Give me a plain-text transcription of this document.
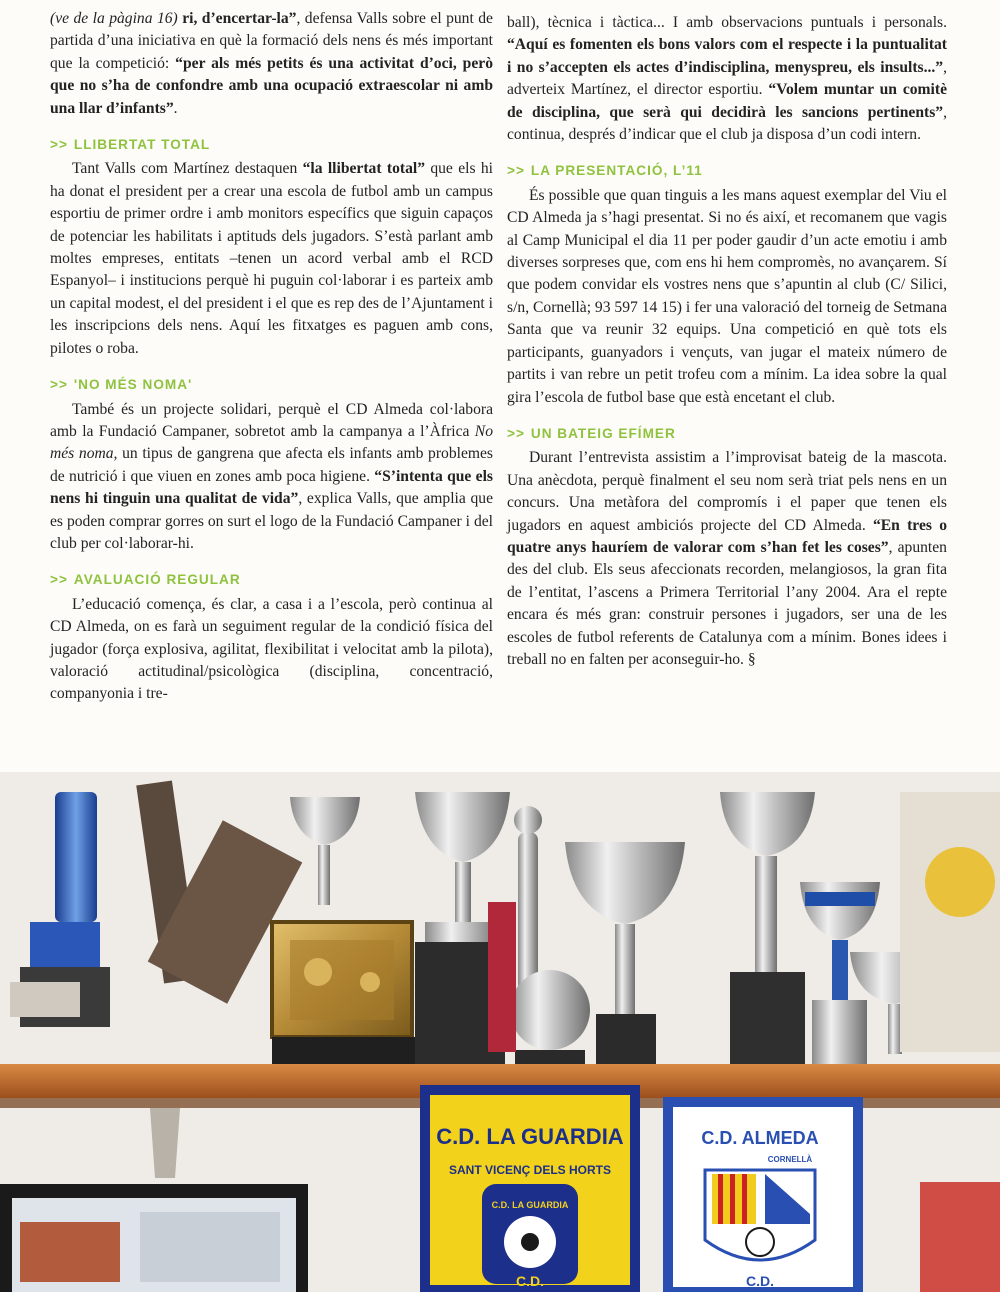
(ve de la pàgina 16) ri, d’encertar-la”, defensa Valls sobre el punt de partida d’una iniciativa en què la formació dels nens és més important que la competició: “per als més petits és una activitat d’oci, però que no s’ha de confondre amb una ocupació extraescolar ni amb una llar d’infants”.

>> LLIBERTAT TOTAL

Tant Valls com Martínez destaquen “la llibertat total” que els hi ha donat el president per a crear una escola de futbol amb un campus esportiu de primer ordre i amb monitors específics que siguin capaços de potenciar les habilitats i aptituds dels jugadors. S’està parlant amb moltes empreses, entitats –tenen un acord verbal amb el RCD Espanyol– i institucions perquè hi puguin col·laborar i es parteix amb un capital modest, el del president i el que es rep des de l’Ajuntament i les inscripcions dels nens. Aquí les fitxatges es paguen amb cons, pilotes o roba.

>> 'NO MÉS NOMA'

També és un projecte solidari, perquè el CD Almeda col·labora amb la Fundació Campaner, sobretot amb la campanya a l’Àfrica No més noma, un tipus de gangrena que afecta els infants amb problemes de nutrició i que viuen en zones amb poca higiene. “S’intenta que els nens hi tinguin una qualitat de vida”, explica Valls, que amplia que es poden comprar gorres on surt el logo de la Fundació Campaner i del club per col·laborar-hi.

>> AVALUACIÓ REGULAR

L’educació comença, és clar, a casa i a l’escola, però continua al CD Almeda, on es farà un seguiment regular de la condició física del jugador (força explosiva, agilitat, flexibilitat i velocitat amb la pilota), valoració actitudinal/psicològica (disciplina, concentració, companyonia i tre-

ball), tècnica i tàctica... I amb observacions puntuals i personals. “Aquí es fomenten els bons valors com el respecte i la puntualitat i no s’accepten els actes d’indisciplina, menyspreu, els insults...”, adverteix Martínez, el director esportiu. “Volem muntar un comitè de disciplina, que serà qui decidirà les sancions pertinents”, continua, després d’indicar que el club ja disposa d’un codi intern.

>> LA PRESENTACIÓ, L’11

És possible que quan tinguis a les mans aquest exemplar del Viu el CD Almeda ja s’hagi presentat. Si no és així, et recomanem que vagis al Camp Municipal el dia 11 per poder gaudir d’un acte emotiu i amb diverses sorpreses que, com ens hi hem compromès, no avançarem. Sí que podem convidar els vostres nens que s’apuntin al club (C/ Silici, s/n, Cornellà; 93 597 14 15) i fer una valoració del torneig de Setmana Santa que va reunir 32 equips. Una competició en què tots els participants, guanyadors i vençuts, van jugar el mateix número de partits i van rebre un petit trofeu com a mínim. La idea sobre la qual gira l’escola de futbol base que està encetant el club.

>> UN BATEIG EFÍMER

Durant l’entrevista assistim a l’improvisat bateig de la mascota. Una anècdota, perquè finalment el seu nom serà triat pels nens en un concurs. Una metàfora del compromís i el paper que tenen els jugadors en aquest ambiciós projecte del CD Almeda. “En tres o quatre anys hauríem de valorar com s’han fet les coses”, apunten des del club. Els seus afeccionats recorden, melangiosos, la gran fita de l’entitat, l’ascens a Primera Territorial l’any 2004. Ara el repte encara és més gran: construir persones i jugadors, ser una de les escoles de futbol referents de Catalunya com a mínim. Bones idees i treball no en falten per aconseguir-ho. §

C.D. LA GUARDIA
SANT VICENÇ DELS HORTS
C.D. LA GUARDIA
C.D.
C.D. ALMEDA
CORNELLÀ
C.D.
